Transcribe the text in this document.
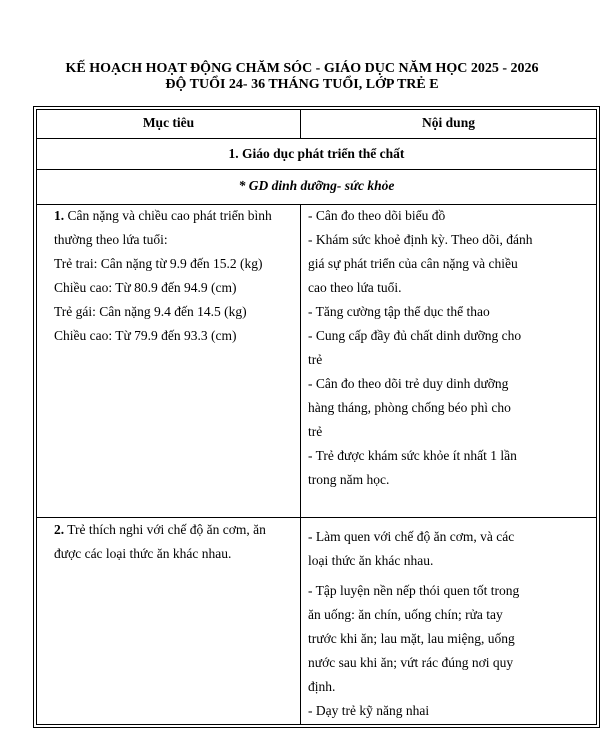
KẾ HOẠCH HOẠT ĐỘNG CHĂM SÓC - GIÁO DỤC NĂM HỌC 2025 - 2026
ĐỘ TUỔI 24- 36 THÁNG TUỔI, LỚP TRẺ E
Mục tiêu	Nội dung
1. Giáo dục phát triển thể chất
* GD dinh dưỡng- sức khỏe
1. Cân nặng và chiều cao phát triển bình
thường theo lứa tuổi:
Trẻ trai: Cân nặng từ 9.9 đến 15.2 (kg)
Chiều cao: Từ 80.9 đến 94.9 (cm)
Trẻ gái: Cân nặng 9.4 đến 14.5 (kg)
Chiều cao: Từ 79.9 đến 93.3 (cm)
- Cân đo theo dõi biểu đồ
- Khám sức khoẻ định kỳ. Theo dõi, đánh
giá sự phát triển của cân nặng và chiều
cao theo lứa tuổi.
- Tăng cường tập thể dục thể thao
- Cung cấp đầy đủ chất dinh dưỡng cho
trẻ
- Cân đo theo dõi trẻ duy dinh dưỡng
hàng tháng, phòng chống béo phì cho
trẻ
- Trẻ được khám sức khỏe ít nhất 1 lần
trong năm học.
2. Trẻ thích nghi với chế độ ăn cơm, ăn
được các loại thức ăn khác nhau.
- Làm quen với chế độ ăn cơm, và các
loại thức ăn khác nhau.
- Tập luyện nền nếp thói quen tốt trong
ăn uống: ăn chín, uống chín; rửa tay
trước khi ăn; lau mặt, lau miệng, uống
nước sau khi ăn; vứt rác đúng nơi quy
định.
- Dạy trẻ kỹ năng nhai
